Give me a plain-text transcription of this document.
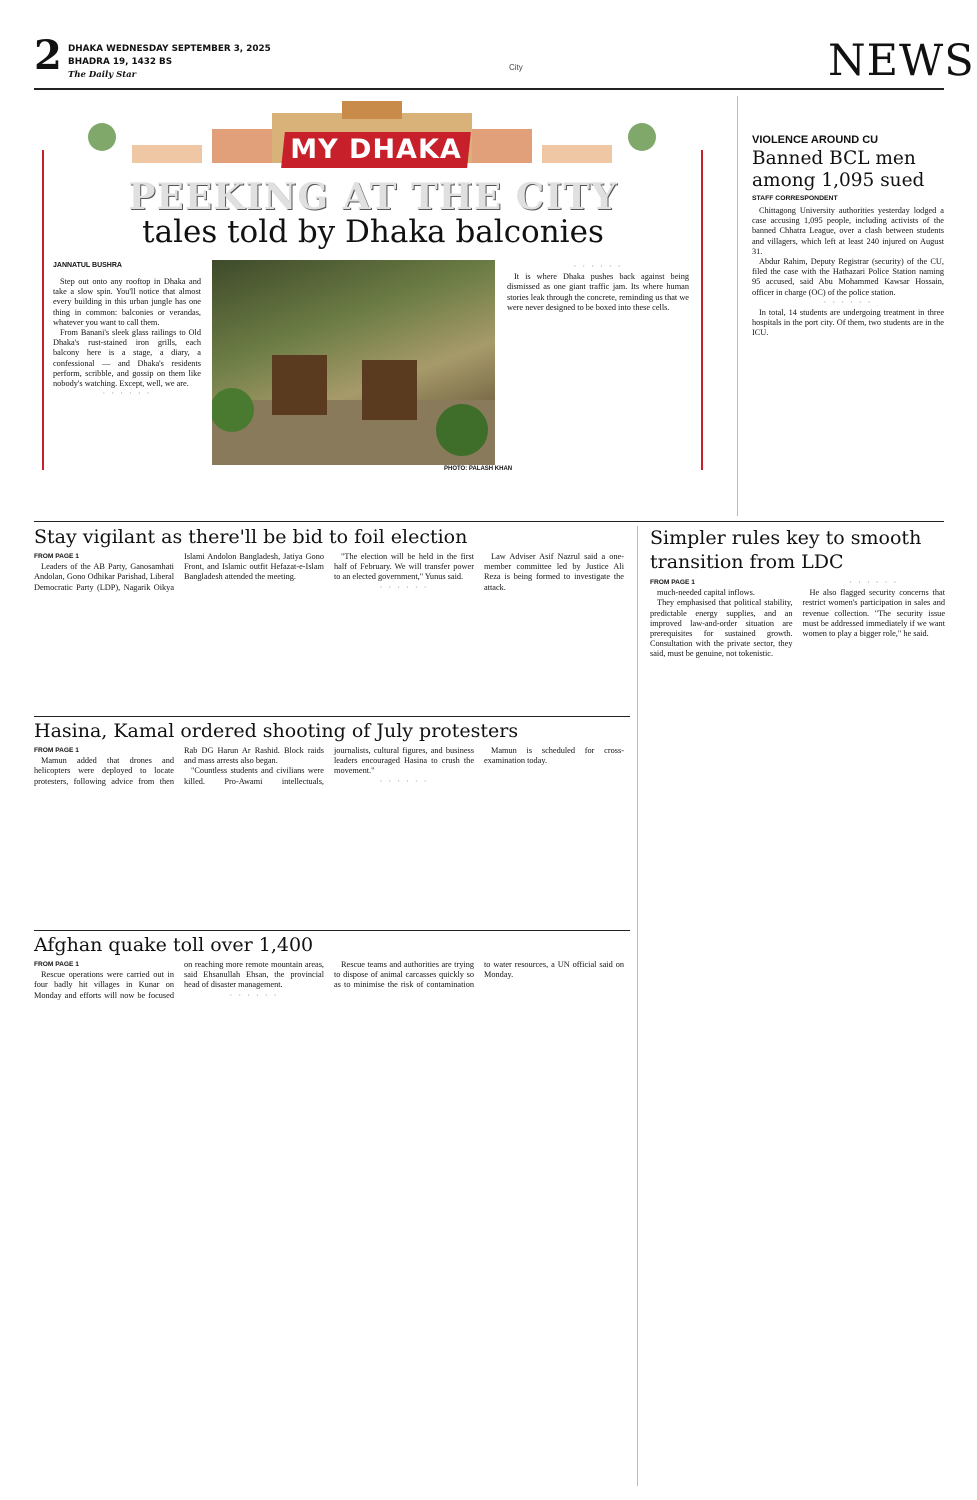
2 DHAKA WEDNESDAY SEPTEMBER 3, 2025
BHADRA 19, 1432 BS
The Daily Star
City	NEWS
MY DHAKA
PEEKING AT THE CITY
tales told by Dhaka balconies
JANNATUL BUSHRA

Step out onto any rooftop in Dhaka and take a slow spin. You'll notice that almost every building in this urban jungle has one thing in common: balconies or verandas, whatever you want to call them.

From Banani's sleek glass railings to Old Dhaka's rust-stained iron grills, each balcony here is a stage, a diary, a confessional — and Dhaka's residents perform, scribble, and gossip on them like nobody's watching. Except, well, we are.

· · · · · ·

PHOTO: PALASH KHAN

· · · · · ·

It is where Dhaka pushes back against being dismissed as one giant traffic jam. Its where human stories leak through the concrete, reminding us that we were never designed to be boxed into these cells.

VIOLENCE AROUND CU
Banned BCL men among 1,095 sued
STAFF CORRESPONDENT

Chittagong University authorities yesterday lodged a case accusing 1,095 people, including activists of the banned Chhatra League, over a clash between students and villagers, which left at least 240 injured on August 31.

Abdur Rahim, Deputy Registrar (security) of the CU, filed the case with the Hathazari Police Station naming 95 accused, said Abu Mohammed Kawsar Hossain, officer in charge (OC) of the police station.

· · · · · ·

In total, 14 students are undergoing treatment in three hospitals in the port city. Of them, two students are in the ICU.

Stay vigilant as there'll be bid to foil election
FROM PAGE 1

Leaders of the AB Party, Ganosamhati Andolan, Gono Odhikar Parishad, Liberal Democratic Party (LDP), Nagarik Oikya Islami Andolon Bangladesh, Jatiya Gono Front, and Islamic outfit Hefazat-e-Islam Bangladesh attended the meeting.

"The election will be held in the first half of February. We will transfer power to an elected government," Yunus said.

· · · · · ·

Law Adviser Asif Nazrul said a one-member committee led by Justice Ali Reza is being formed to investigate the attack.

Simpler rules key to smooth transition from LDC
FROM PAGE 1

much-needed capital inflows.

They emphasised that political stability, predictable energy supplies, and an improved law-and-order situation are prerequisites for sustained growth. Consultation with the private sector, they said, must be genuine, not tokenistic.

· · · · · ·

He also flagged security concerns that restrict women's participation in sales and revenue collection. "The security issue must be addressed immediately if we want women to play a bigger role," he said.

Hasina, Kamal ordered shooting of July protesters
FROM PAGE 1

Mamun added that drones and helicopters were deployed to locate protesters, following advice from then Rab DG Harun Ar Rashid. Block raids and mass arrests also began.

"Countless students and civilians were killed. Pro-Awami intellectuals, journalists, cultural figures, and business leaders encouraged Hasina to crush the movement."

· · · · · ·

Mamun is scheduled for cross-examination today.

Afghan quake toll over 1,400
FROM PAGE 1

Rescue operations were carried out in four badly hit villages in Kunar on Monday and efforts will now be focused on reaching more remote mountain areas, said Ehsanullah Ehsan, the provincial head of disaster management.

· · · · · ·

Rescue teams and authorities are trying to dispose of animal carcasses quickly so as to minimise the risk of contamination to water resources, a UN official said on Monday.
